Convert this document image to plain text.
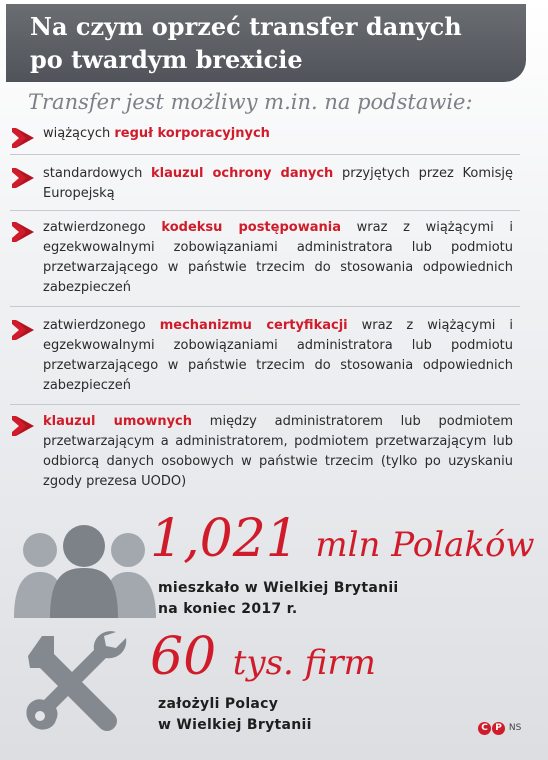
Na czym oprzeć transfer danych
po twardym brexicie
Transfer jest możliwy m.in. na podstawie:
wiążących reguł korporacyjnych
standardowych klauzul ochrony danych przyjętych przez Komisję Europejską
zatwierdzonego kodeksu postępowania wraz z wiążącymi i egzekwowalnymi zobowiązaniami administratora lub podmiotu przetwarzającego w państwie trzecim do stosowania odpowiednich zabezpieczeń
zatwierdzonego mechanizmu certyfikacji wraz z wiążącymi i egzekwowalnymi zobowiązaniami administratora lub podmiotu przetwarzającego w państwie trzecim do stosowania odpowiednich zabezpieczeń
klauzul umownych między administratorem lub podmiotem przetwarzającym a administratorem, podmiotem przetwarzającym lub odbiorcą danych osobowych w państwie trzecim (tylko po uzyskaniu zgody prezesa UODO)
1,021 mln Polaków
mieszkało w Wielkiej Brytanii
na koniec 2017 r.
60 tys. firm
założyli Polacy
w Wielkiej Brytanii	C P NS
